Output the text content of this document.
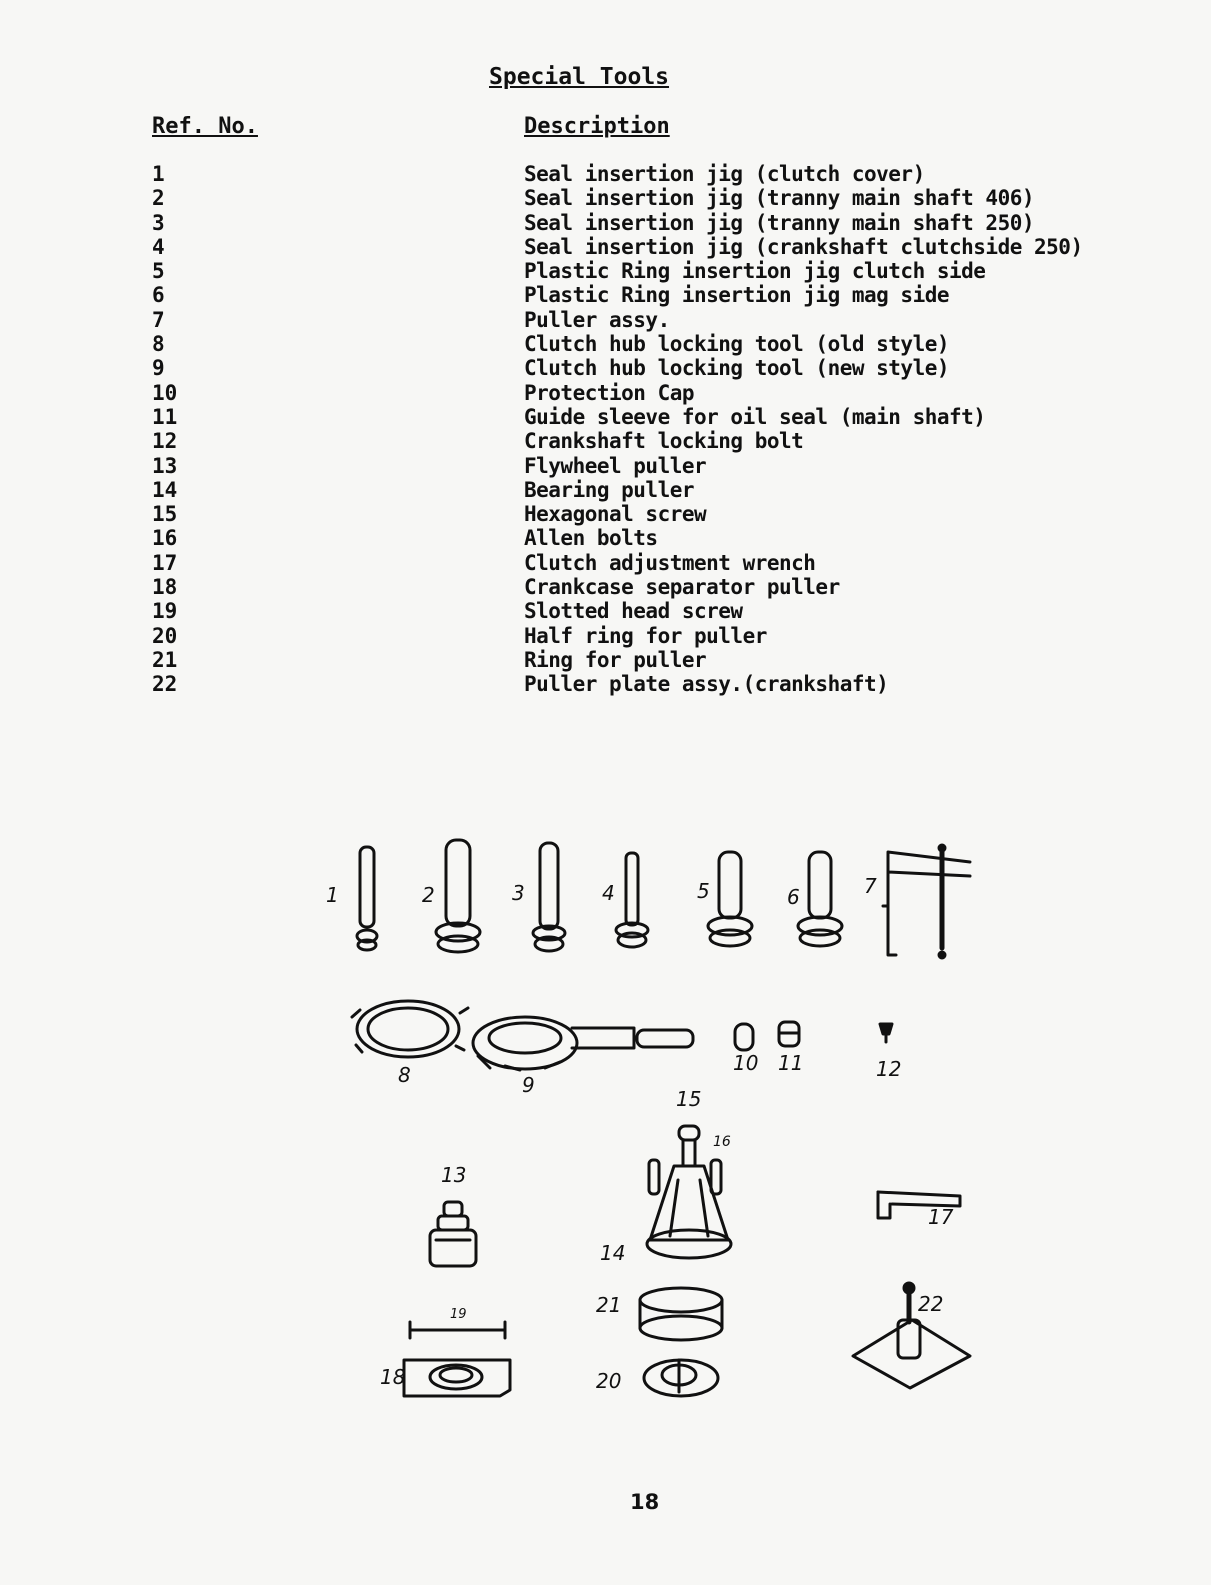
Special Tools
Ref. No.	Description
1	Seal insertion jig (clutch cover)
2	Seal insertion jig (tranny main shaft 406)
3	Seal insertion jig (tranny main shaft 250)
4	Seal insertion jig (crankshaft clutchside 250)
5	Plastic Ring insertion jig clutch side
6	Plastic Ring insertion jig mag side
7	Puller assy.
8	Clutch hub locking tool (old style)
9	Clutch hub locking tool (new style)
10	Protection Cap
11	Guide sleeve for oil seal (main shaft)
12	Crankshaft locking bolt
13	Flywheel puller
14	Bearing puller
15	Hexagonal screw
16	Allen bolts
17	Clutch adjustment wrench
18	Crankcase separator puller
19	Slotted head screw
20	Half ring for puller
21	Ring for puller
22	Puller plate assy.(crankshaft)
1	2	3	4	5	6	7
8	9
10 11	12
13
14
15
16
17
18
19
20
21	22
18
